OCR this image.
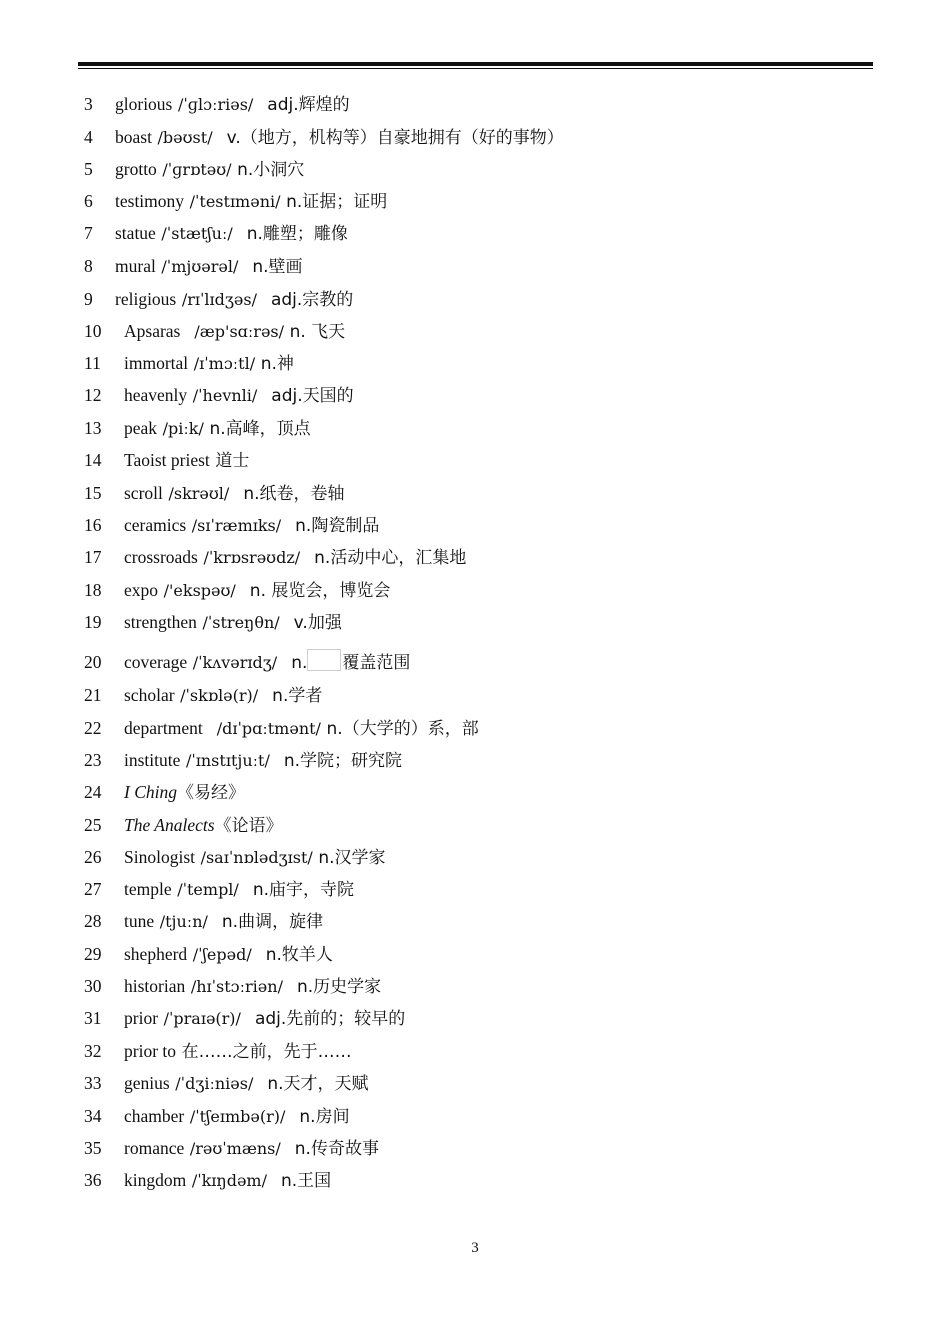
3	glorious /ˈɡlɔːriəs/ adj.辉煌的
4	boast /bəʊst/ v.（地方，机构等）自豪地拥有（好的事物）
5	grotto /ˈɡrɒtəʊ/ n.小洞穴
6	testimony /ˈtestɪməni/ n.证据；证明
7	statue /ˈstætʃuː/ n.雕塑；雕像
8	mural /ˈmjʊərəl/ n.壁画
9	religious /rɪˈlɪdʒəs/ adj.宗教的
10	Apsaras /æp'sɑːrəs/ n. 飞天
11	immortal /ɪˈmɔːtl/ n.神
12	heavenly /ˈhevnli/ adj.天国的
13	peak /piːk/ n.高峰，顶点
14	Taoist priest 道士
15	scroll /skrəʊl/ n.纸卷，卷轴
16	ceramics /sɪˈræmɪks/ n.陶瓷制品
17	crossroads /ˈkrɒsrəʊdz/ n.活动中心，汇集地
18	expo /'ekspəʊ/ n. 展览会，博览会
19	strengthen /ˈstreŋθn/ v.加强
20	coverage /ˈkʌvərɪdʒ/ n. 覆盖范围
21	scholar /ˈskɒlə(r)/ n.学者
22	department /dɪˈpɑːtmənt/ n.（大学的）系，部
23	institute /ˈɪnstɪtjuːt/ n.学院；研究院
24	I Ching《易经》
25	The Analects《论语》
26	Sinologist /saɪˈnɒlədʒɪst/ n.汉学家
27	temple /ˈtempl/ n.庙宇，寺院
28	tune /tjuːn/ n.曲调，旋律
29	shepherd /ˈʃepəd/ n.牧羊人
30	historian /hɪˈstɔːriən/ n.历史学家
31	prior /ˈpraɪə(r)/ adj.先前的；较早的
32	prior to 在……之前，先于……
33	genius /ˈdʒiːniəs/ n.天才，天赋
34	chamber /ˈtʃeɪmbə(r)/ n.房间
35	romance /rəʊˈmæns/ n.传奇故事
36	kingdom /ˈkɪŋdəm/ n.王国
3
